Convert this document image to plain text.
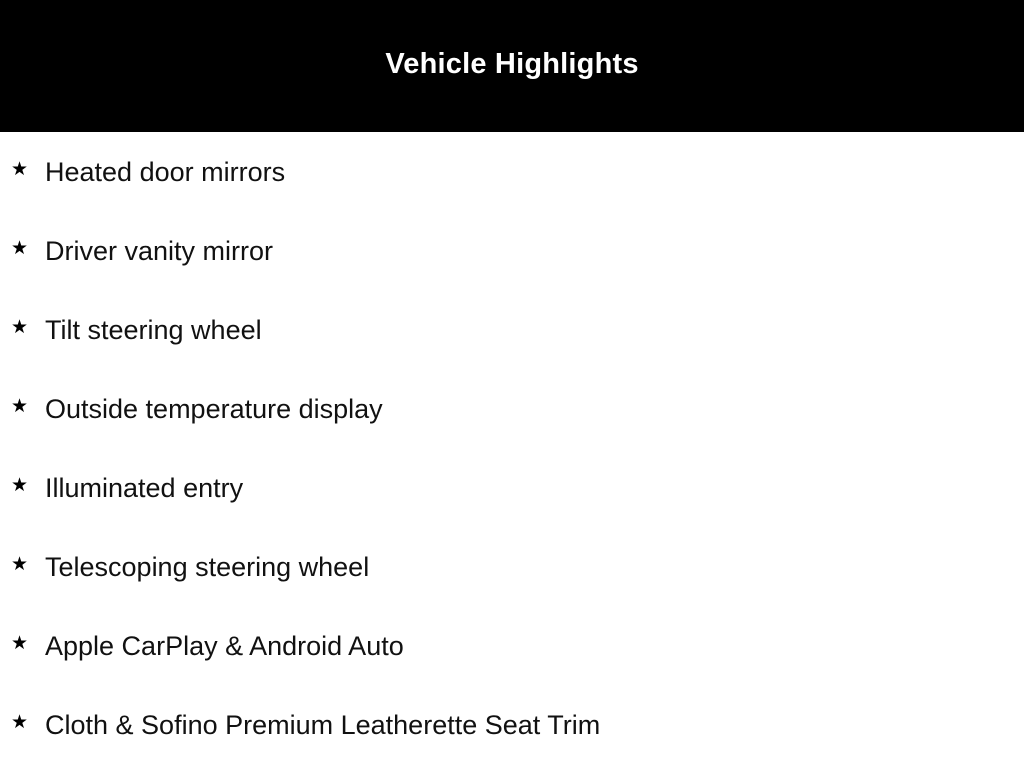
Vehicle Highlights
★ Heated door mirrors
★ Driver vanity mirror
★ Tilt steering wheel
★ Outside temperature display
★ Illuminated entry
★ Telescoping steering wheel
★ Apple CarPlay & Android Auto
★ Cloth & Sofino Premium Leatherette Seat Trim
